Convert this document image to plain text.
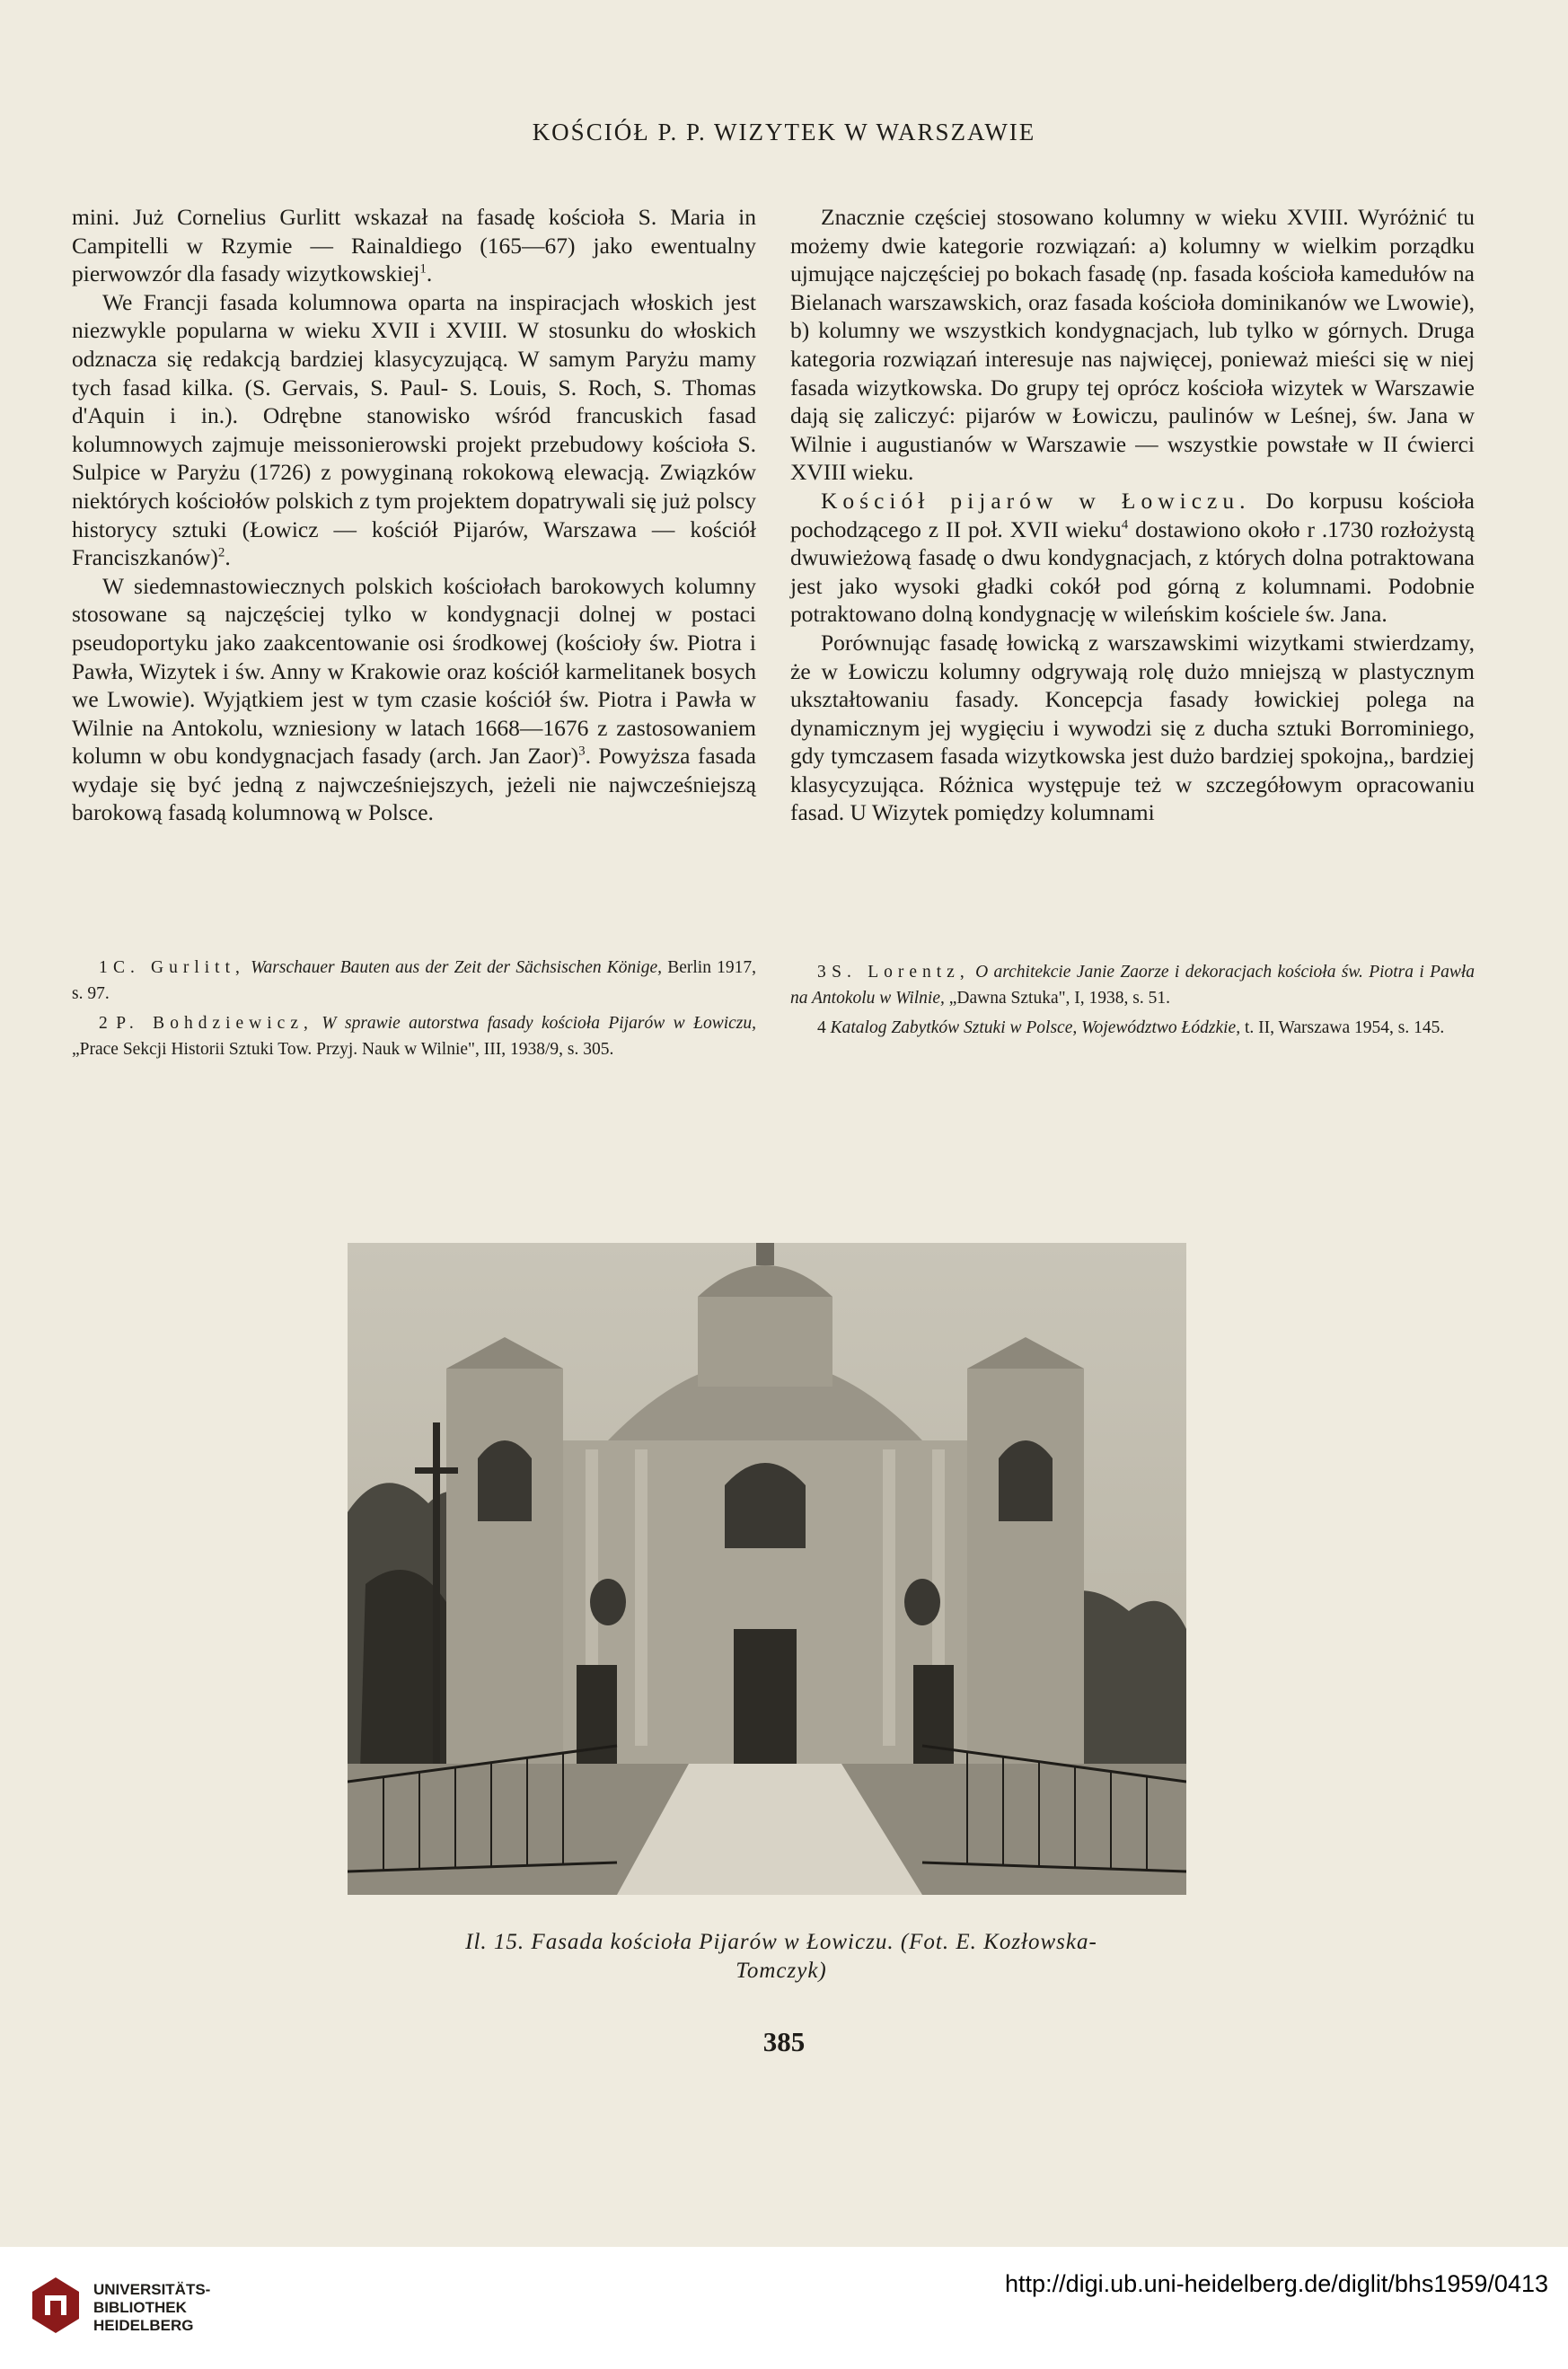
KOŚCIÓŁ P. P. WIZYTEK W WARSZAWIE

mini. Już Cornelius Gurlitt wskazał na fasadę kościoła S. Maria in Campitelli w Rzymie — Rainaldiego (165—67) jako ewentualny pierwowzór dla fasady wizytkowskiej$^1$.

We Francji fasada kolumnowa oparta na inspiracjach włoskich jest niezwykle popularna w wieku XVII i XVIII. W stosunku do włoskich odznacza się redakcją bardziej klasycyzującą. W samym Paryżu mamy tych fasad kilka. (S. Gervais, S. Paul- S. Louis, S. Roch, S. Thomas d'Aquin i in.). Odrębne stanowisko wśród francuskich fasad kolumnowych zajmuje meissonierowski projekt przebudowy kościoła S. Sulpice w Paryżu (1726) z powyginaną rokokową elewacją. Związków niektórych kościołów polskich z tym projektem dopatrywali się już polscy historycy sztuki (Łowicz — kościół Pijarów, Warszawa — kościół Franciszkanów)$^2$.

W siedemnastowiecznych polskich kościołach barokowych kolumny stosowane są najczęściej tylko w kondygnacji dolnej w postaci pseudoportyku jako zaakcentowanie osi środkowej (kościoły św. Piotra i Pawła, Wizytek i św. Anny w Krakowie oraz kościół karmelitanek bosych we Lwowie). Wyjątkiem jest w tym czasie kościół św. Piotra i Pawła w Wilnie na Antokolu, wzniesiony w latach 1668—1676 z zastosowaniem kolumn w obu kondygnacjach fasady (arch. Jan Zaor)$^3$. Powyższa fasada wydaje się być jedną z najwcześniejszych, jeżeli nie najwcześniejszą barokową fasadą kolumnową w Polsce.

Znacznie częściej stosowano kolumny w wieku XVIII. Wyróżnić tu możemy dwie kategorie rozwiązań: a) kolumny w wielkim porządku ujmujące najczęściej po bokach fasadę (np. fasada kościoła kamedułów na Bielanach warszawskich, oraz fasada kościoła dominikanów we Lwowie), b) kolumny we wszystkich kondygnacjach, lub tylko w górnych. Druga kategoria rozwiązań interesuje nas najwięcej, ponieważ mieści się w niej fasada wizytkowska. Do grupy tej oprócz kościoła wizytek w Warszawie dają się zaliczyć: pijarów w Łowiczu, paulinów w Leśnej, św. Jana w Wilnie i augustianów w Warszawie — wszystkie powstałe w II ćwierci XVIII wieku.

Kościół pijarów w Łowiczu. Do korpusu kościoła pochodzącego z II poł. XVII wieku$^4$ dostawiono około r .1730 rozłożystą dwuwieżową fasadę o dwu kondygnacjach, z których dolna potraktowana jest jako wysoki gładki cokół pod górną z kolumnami. Podobnie potraktowano dolną kondygnację w wileńskim kościele św. Jana.

Porównując fasadę łowicką z warszawskimi wizytkami stwierdzamy, że w Łowiczu kolumny odgrywają rolę dużo mniejszą w plastycznym ukształtowaniu fasady. Koncepcja fasady łowickiej polega na dynamicznym jej wygięciu i wywodzi się z ducha sztuki Borrominiego, gdy tymczasem fasada wizytkowska jest dużo bardziej spokojna,, bardziej klasycyzująca. Różnica występuje też w szczegółowym opracowaniu fasad. U Wizytek pomiędzy kolumnami

1 C. Gurlitt, Warschauer Bauten aus der Zeit der Sächsischen Könige, Berlin 1917, s. 97.

2 P. Bohdziewicz, W sprawie autorstwa fasady kościoła Pijarów w Łowiczu, „Prace Sekcji Historii Sztuki Tow. Przyj. Nauk w Wilnie", III, 1938/9, s. 305.

3 S. Lorentz, O architekcie Janie Zaorze i dekoracjach kościoła św. Piotra i Pawła na Antokolu w Wilnie, „Dawna Sztuka", I, 1938, s. 51.

4 Katalog Zabytków Sztuki w Polsce, Województwo Łódzkie, t. II, Warszawa 1954, s. 145.

Il. 15. Fasada kościoła Pijarów w Łowiczu. (Fot. E. Kozłowska-
Tomczyk)
385
UNIVERSITÄTS-
BIBLIOTHEK
HEIDELBERG
http://digi.ub.uni-heidelberg.de/diglit/bhs1959/0413
